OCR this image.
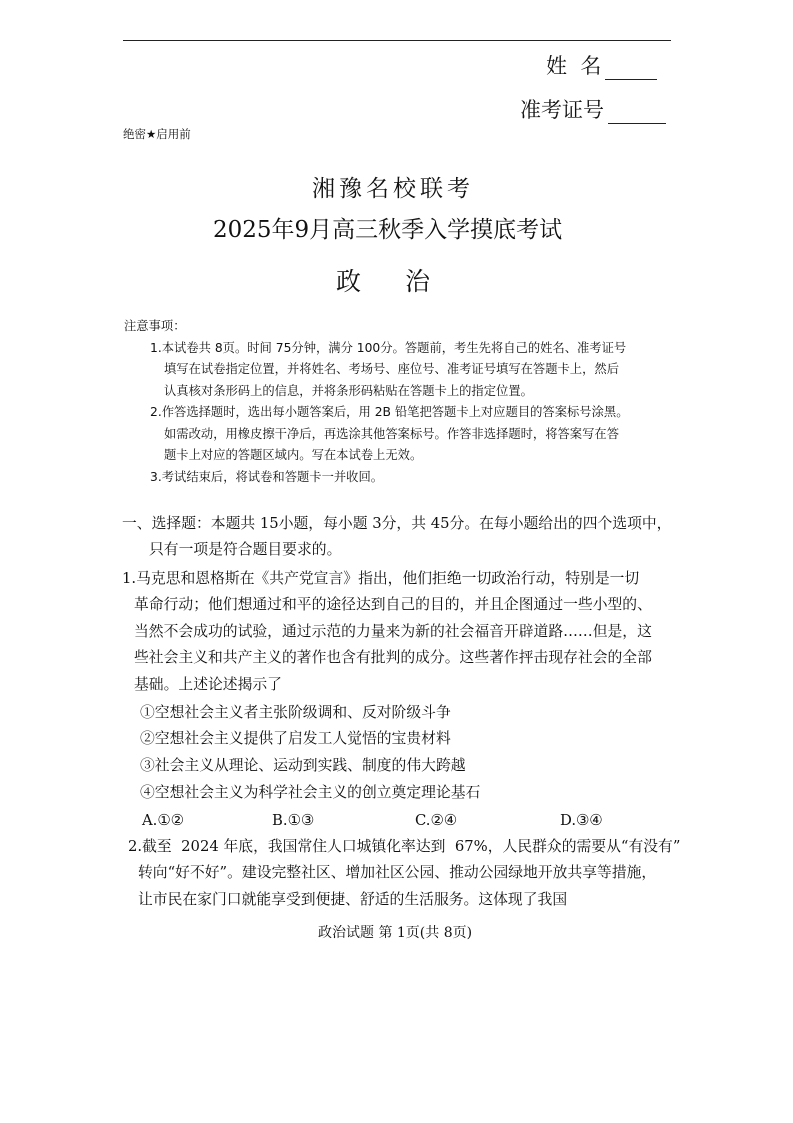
姓  名
准考证号
绝密★启用前
湘豫名校联考
2025年9月高三秋季入学摸底考试
政治
注意事项：
1.本试卷共 8页。时间 75分钟，满分 100分。答题前，考生先将自己的姓名、准考证号
填写在试卷指定位置，并将姓名、考场号、座位号、准考证号填写在答题卡上，然后
认真核对条形码上的信息，并将条形码粘贴在答题卡上的指定位置。
2.作答选择题时，选出每小题答案后，用 2B 铅笔把答题卡上对应题目的答案标号涂黑。
如需改动，用橡皮擦干净后，再选涂其他答案标号。作答非选择题时，将答案写在答
题卡上对应的答题区域内。写在本试卷上无效。
3.考试结束后，将试卷和答题卡一并收回。
一、选择题：本题共 15小题，每小题 3分，共 45分。在每小题给出的四个选项中，
只有一项是符合题目要求的。
1.马克思和恩格斯在《共产党宣言》指出，他们拒绝一切政治行动，特别是一切
革命行动；他们想通过和平的途径达到自己的目的，并且企图通过一些小型的、
当然不会成功的试验，通过示范的力量来为新的社会福音开辟道路……但是，这
些社会主义和共产主义的著作也含有批判的成分。这些著作抨击现存社会的全部
基础。上述论述揭示了
①空想社会主义者主张阶级调和、反对阶级斗争
②空想社会主义提供了启发工人觉悟的宝贵材料
③社会主义从理论、运动到实践、制度的伟大跨越
④空想社会主义为科学社会主义的创立奠定理论基石
A.①②	B.①③	C.②④	D.③④
2.截至  2024 年底，我国常住人口城镇化率达到  67%，人民群众的需要从“有没有”
转向“好不好”。建设完整社区、增加社区公园、推动公园绿地开放共享等措施，
让市民在家门口就能享受到便捷、舒适的生活服务。这体现了我国
政治试题 第 1页(共 8页)
